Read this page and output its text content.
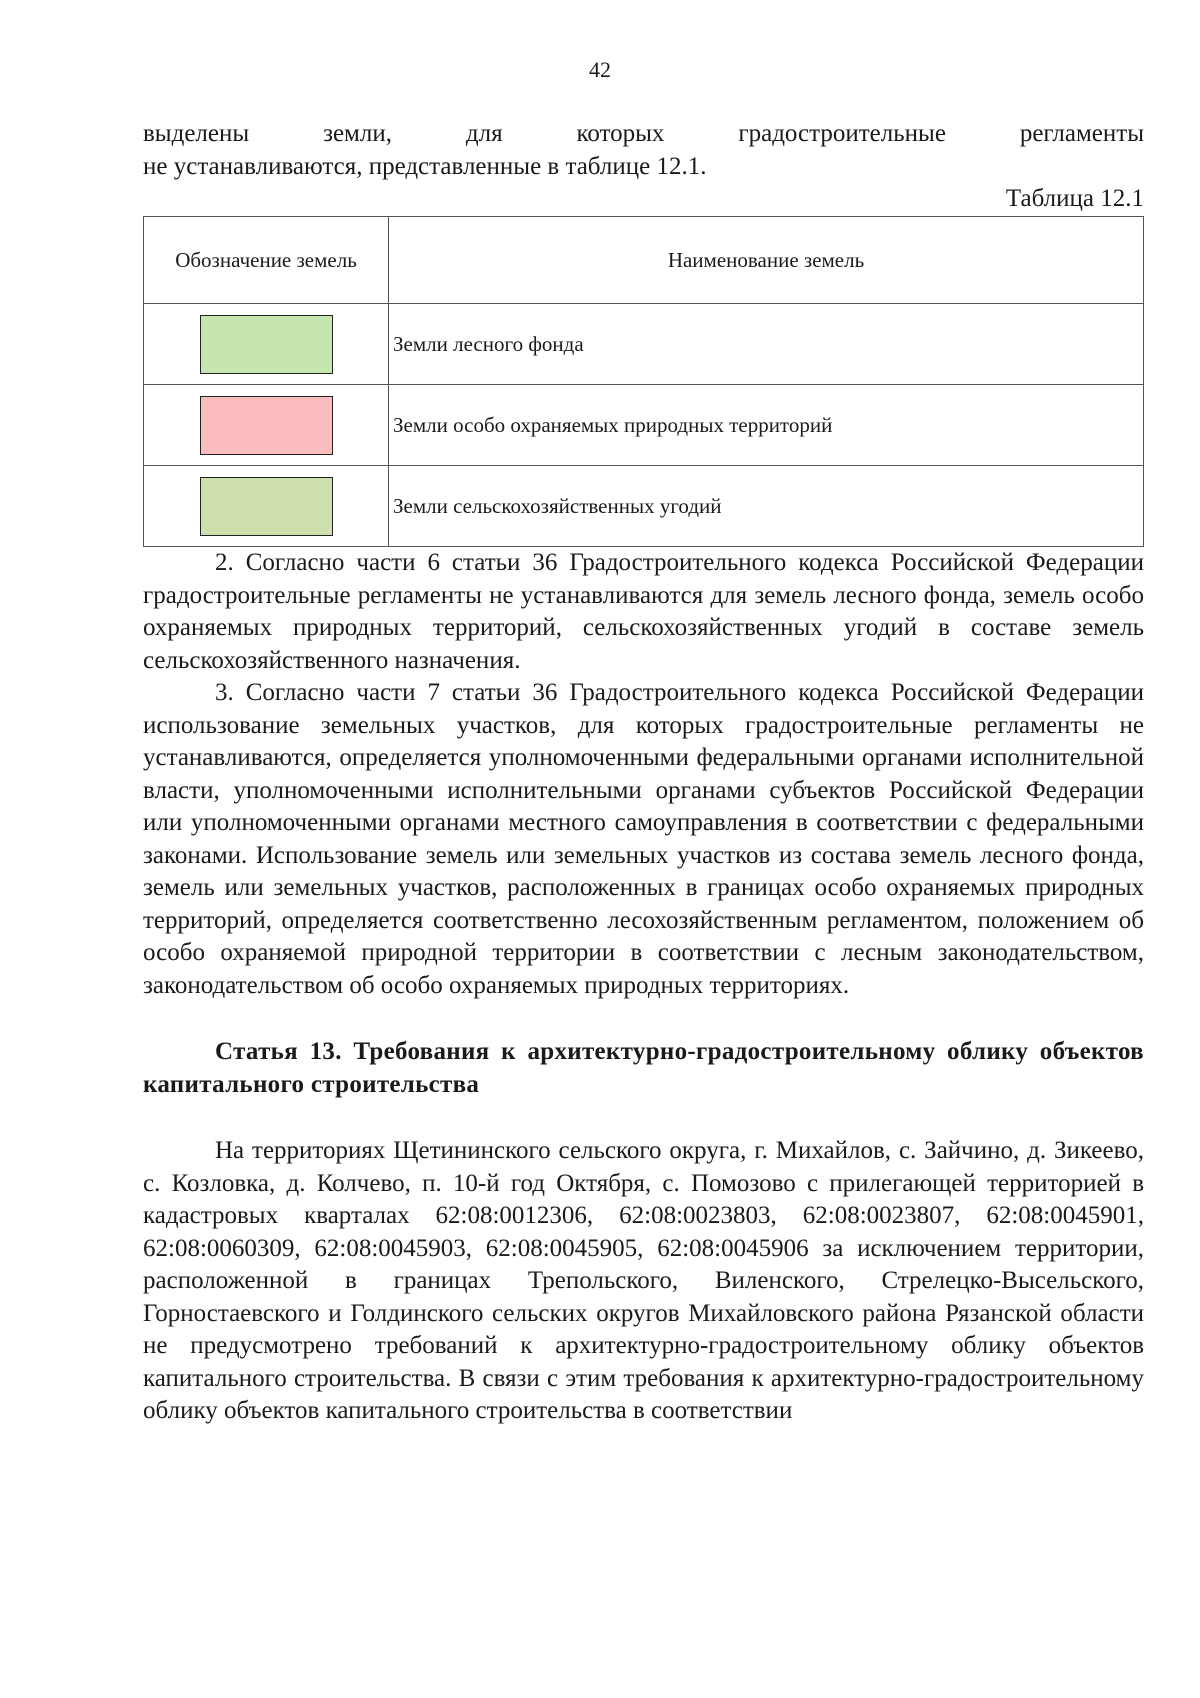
42

выделены земли, для которых градостроительные регламенты

не устанавливаются, представленные в таблице 12.1.

Таблица 12.1

Обозначение земель	Наименование земель
	Земли лесного фонда
	Земли особо охраняемых природных территорий
	Земли сельскохозяйственных угодий

2. Согласно части 6 статьи 36 Градостроительного кодекса Российской Федерации градостроительные регламенты не устанавливаются для земель лесного фонда, земель особо охраняемых природных территорий, сельскохозяйственных угодий в составе земель сельскохозяйственного назначения.

3. Согласно части 7 статьи 36 Градостроительного кодекса Российской Федерации использование земельных участков, для которых градостроительные регламенты не устанавливаются, определяется уполномоченными федеральными органами исполнительной власти, уполномоченными исполнительными органами субъектов Российской Федерации или уполномоченными органами местного самоуправления в соответствии с федеральными законами. Использование земель или земельных участков из состава земель лесного фонда, земель или земельных участков, расположенных в границах особо охраняемых природных территорий, определяется соответственно лесохозяйственным регламентом, положением об особо охраняемой природной территории в соответствии с лесным законодательством, законодательством об особо охраняемых природных территориях.

Статья 13. Требования к архитектурно-градостроительному облику объектов капитального строительства

На территориях Щетининского сельского округа, г. Михайлов, с. Зайчино, д. Зикеево, с. Козловка, д. Колчево, п. 10-й год Октября, с. Помозово с прилегающей территорией в кадастровых кварталах 62:08:0012306, 62:08:0023803, 62:08:0023807, 62:08:0045901, 62:08:0060309, 62:08:0045903, 62:08:0045905, 62:08:0045906 за исключением территории, расположенной в границах Трепольского, Виленского, Стрелецко-Высельского, Горностаевского и Голдинского сельских округов Михайловского района Рязанской области не предусмотрено требований к архитектурно-градостроительному облику объектов капитального строительства. В связи с этим требования к архитектурно-градостроительному облику объектов капитального строительства в соответствии
